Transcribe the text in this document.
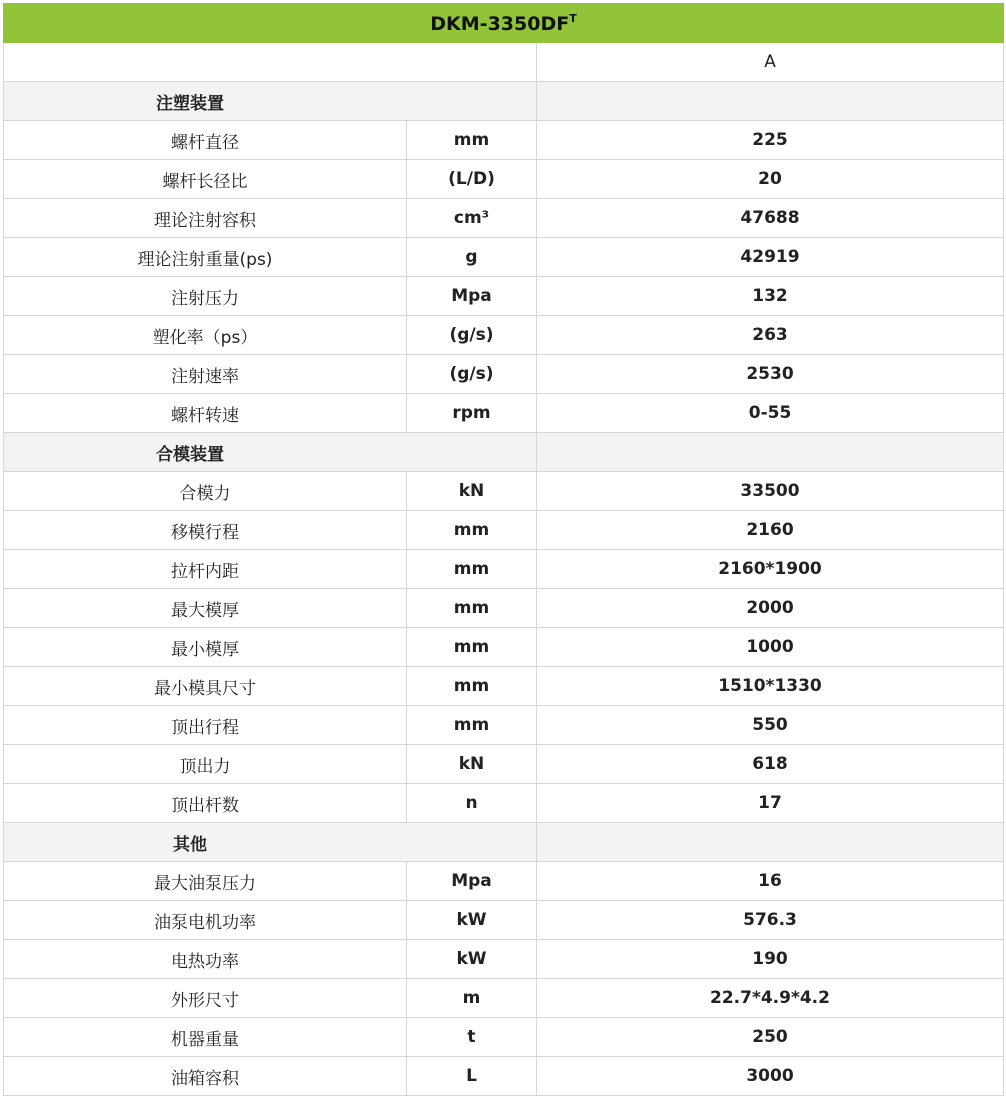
DKM-$3350DF^T$
		A
注塑装置		
螺杆直径	mm	225
螺杆长径比	(L/D)	20
理论注射容积	cm³	47688
理论注射重量(ps)	g	42919
注射压力	Mpa	132
塑化率（ps）	(g/s)	263
注射速率	(g/s)	2530
螺杆转速	rpm	0-55
合模装置		
合模力	kN	33500
移模行程	mm	2160
拉杆内距	mm	2160*1900
最大模厚	mm	2000
最小模厚	mm	1000
最小模具尺寸	mm	1510*1330
顶出行程	mm	550
顶出力	kN	618
顶出杆数	n	17
其他		
最大油泵压力	Mpa	16
油泵电机功率	kW	576.3
电热功率	kW	190
外形尺寸	m	22.7*4.9*4.2
机器重量	t	250
油箱容积	L	3000
